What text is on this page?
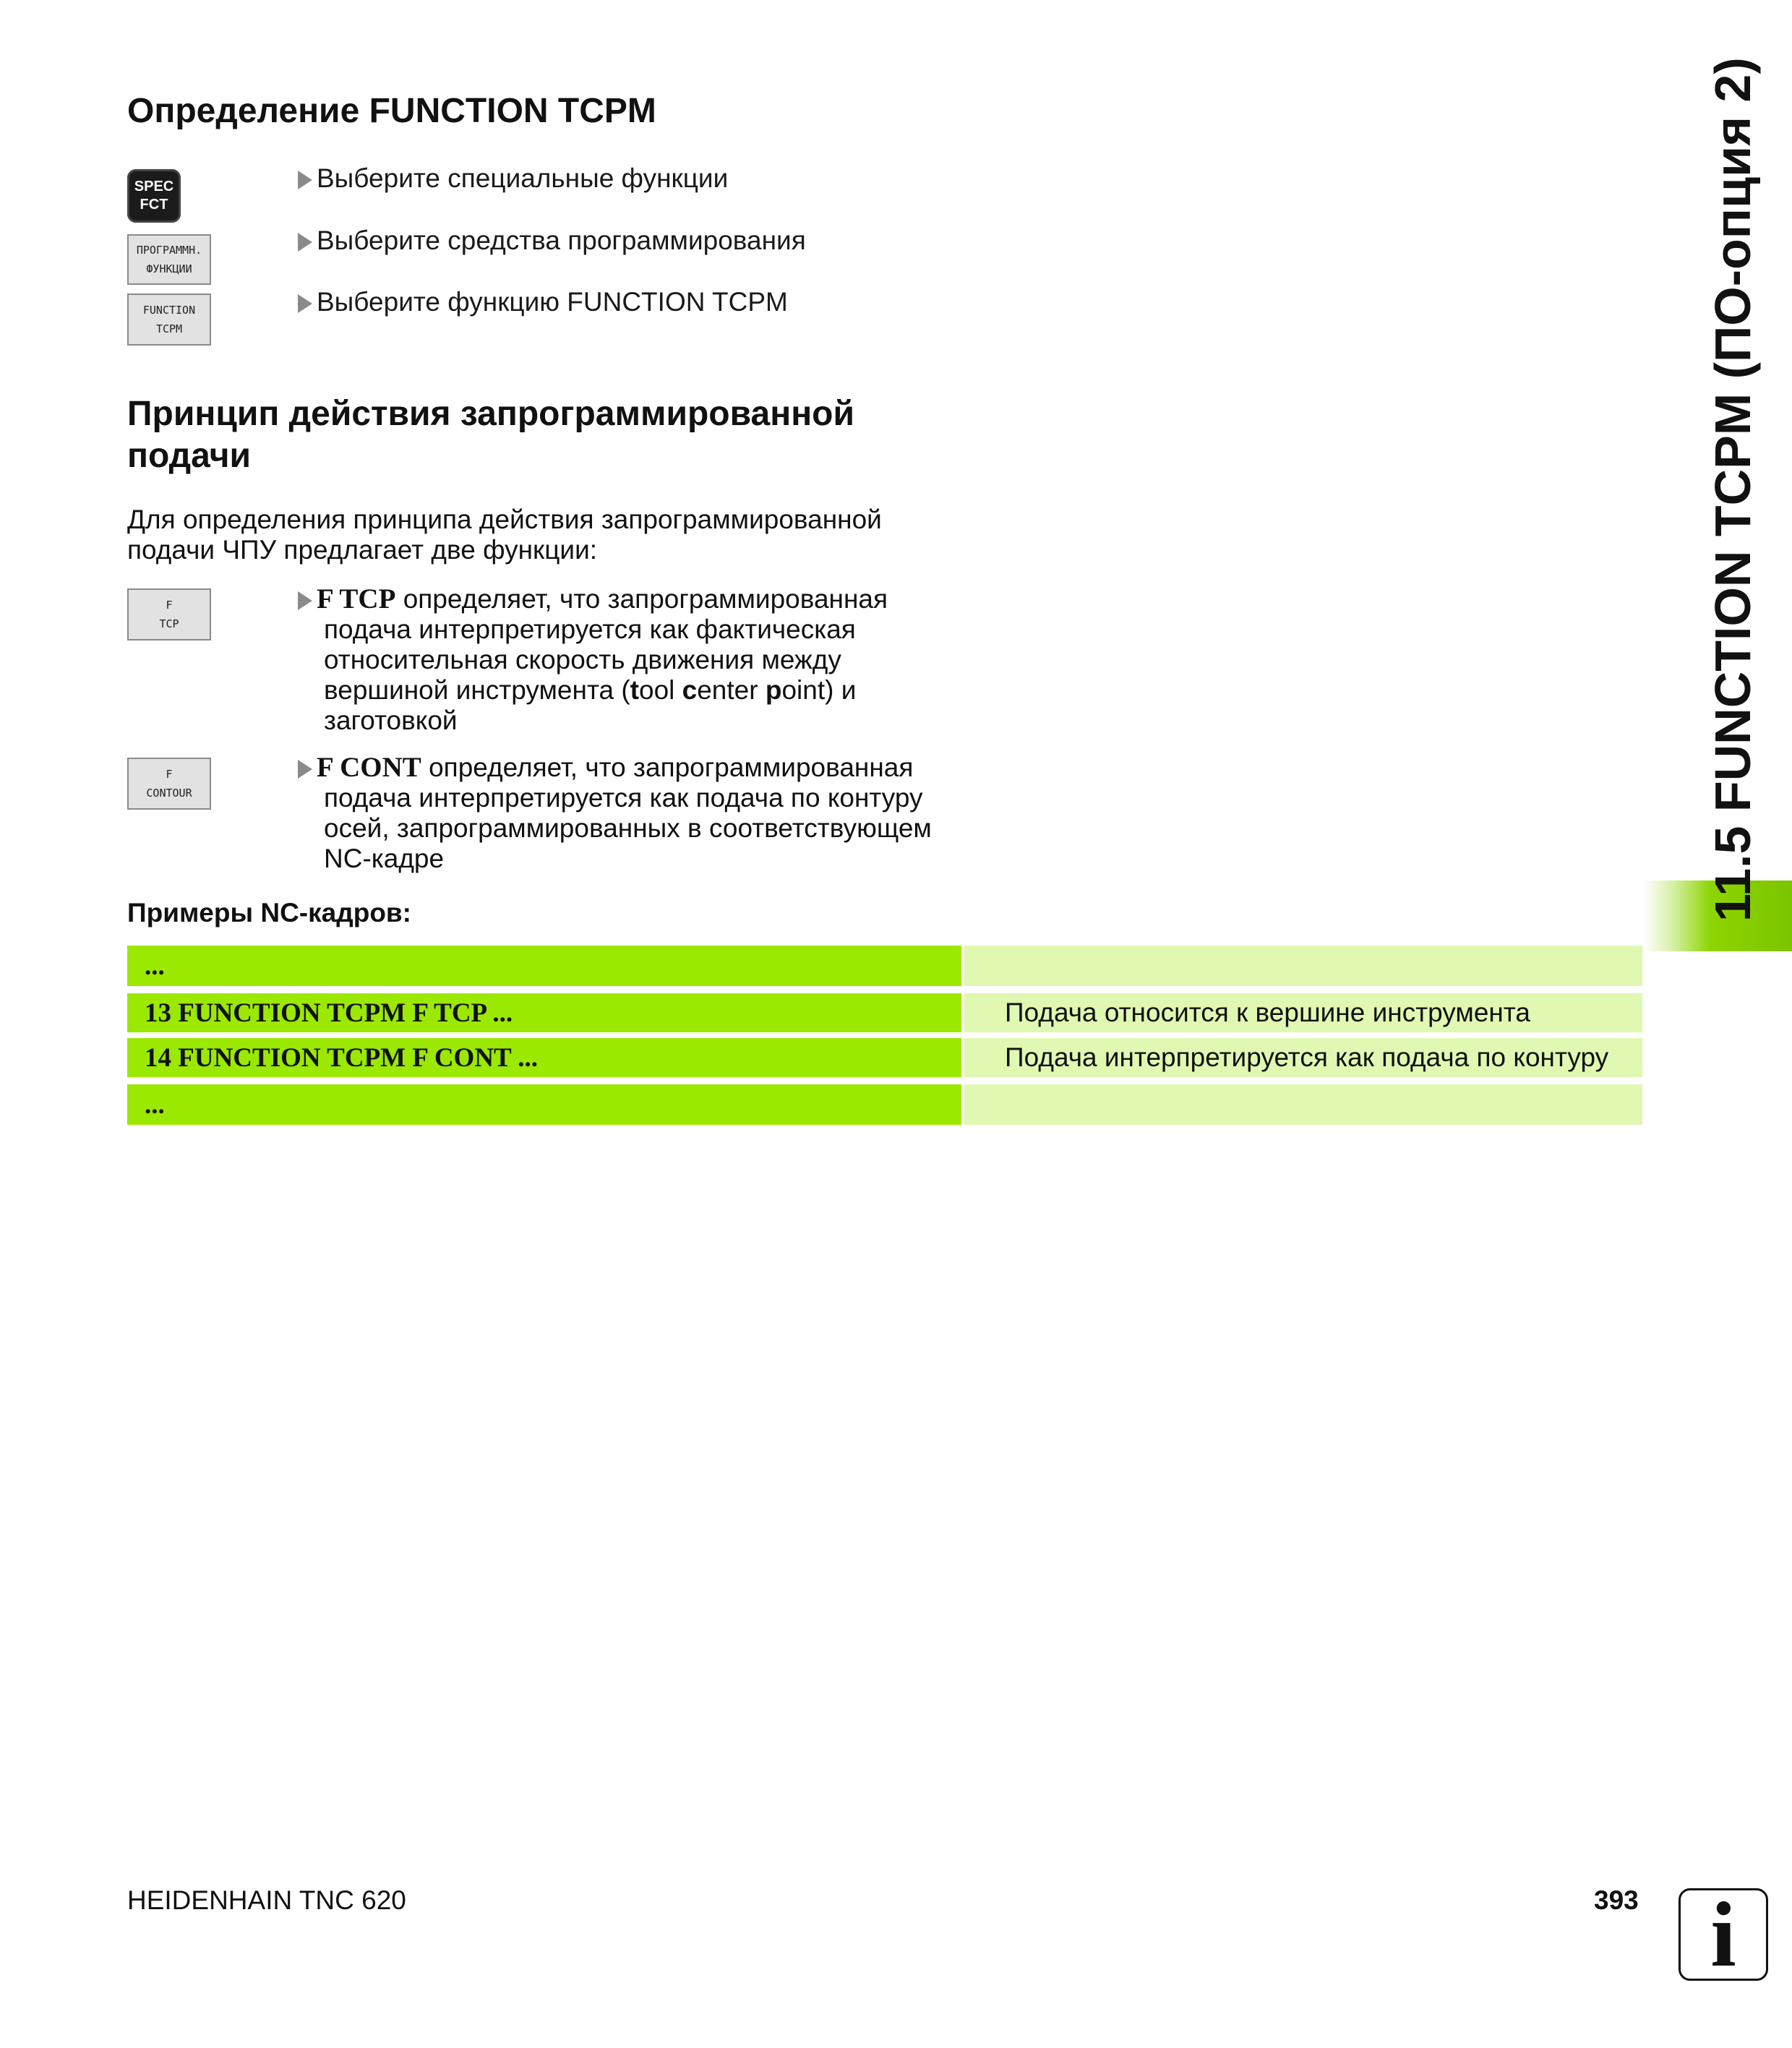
Определение FUNCTION TCPM
SPEC
FCT
ПРОГРАММН.
ФУНКЦИИ
FUNCTION
TCPM
Выберите специальные функции
Выберите средства программирования
Выберите функцию FUNCTION TCPM
Принцип действия запрограммированной подачи
Для определения принципа действия запрограммированной подачи ЧПУ предлагает две функции:
F
TCP
F TCP определяет, что запрограммированная
подача интерпретируется как фактическая относительная скорость движения между вершиной инструмента (tool center point) и заготовкой
F
CONTOUR
F CONT определяет, что запрограммированная
подача интерпретируется как подача по контуру осей, запрограммированных в соответствующем NC-кадре
Примеры NC-кадров:
...
13 FUNCTION TCPM F TCP ...	Подача относится к вершине инструмента
14 FUNCTION TCPM F CONT ...	Подача интерпретируется как подача по контуру
...
11.5 FUNCTION TCPM (ПО-опция 2)
HEIDENHAIN TNC 620	393 i
